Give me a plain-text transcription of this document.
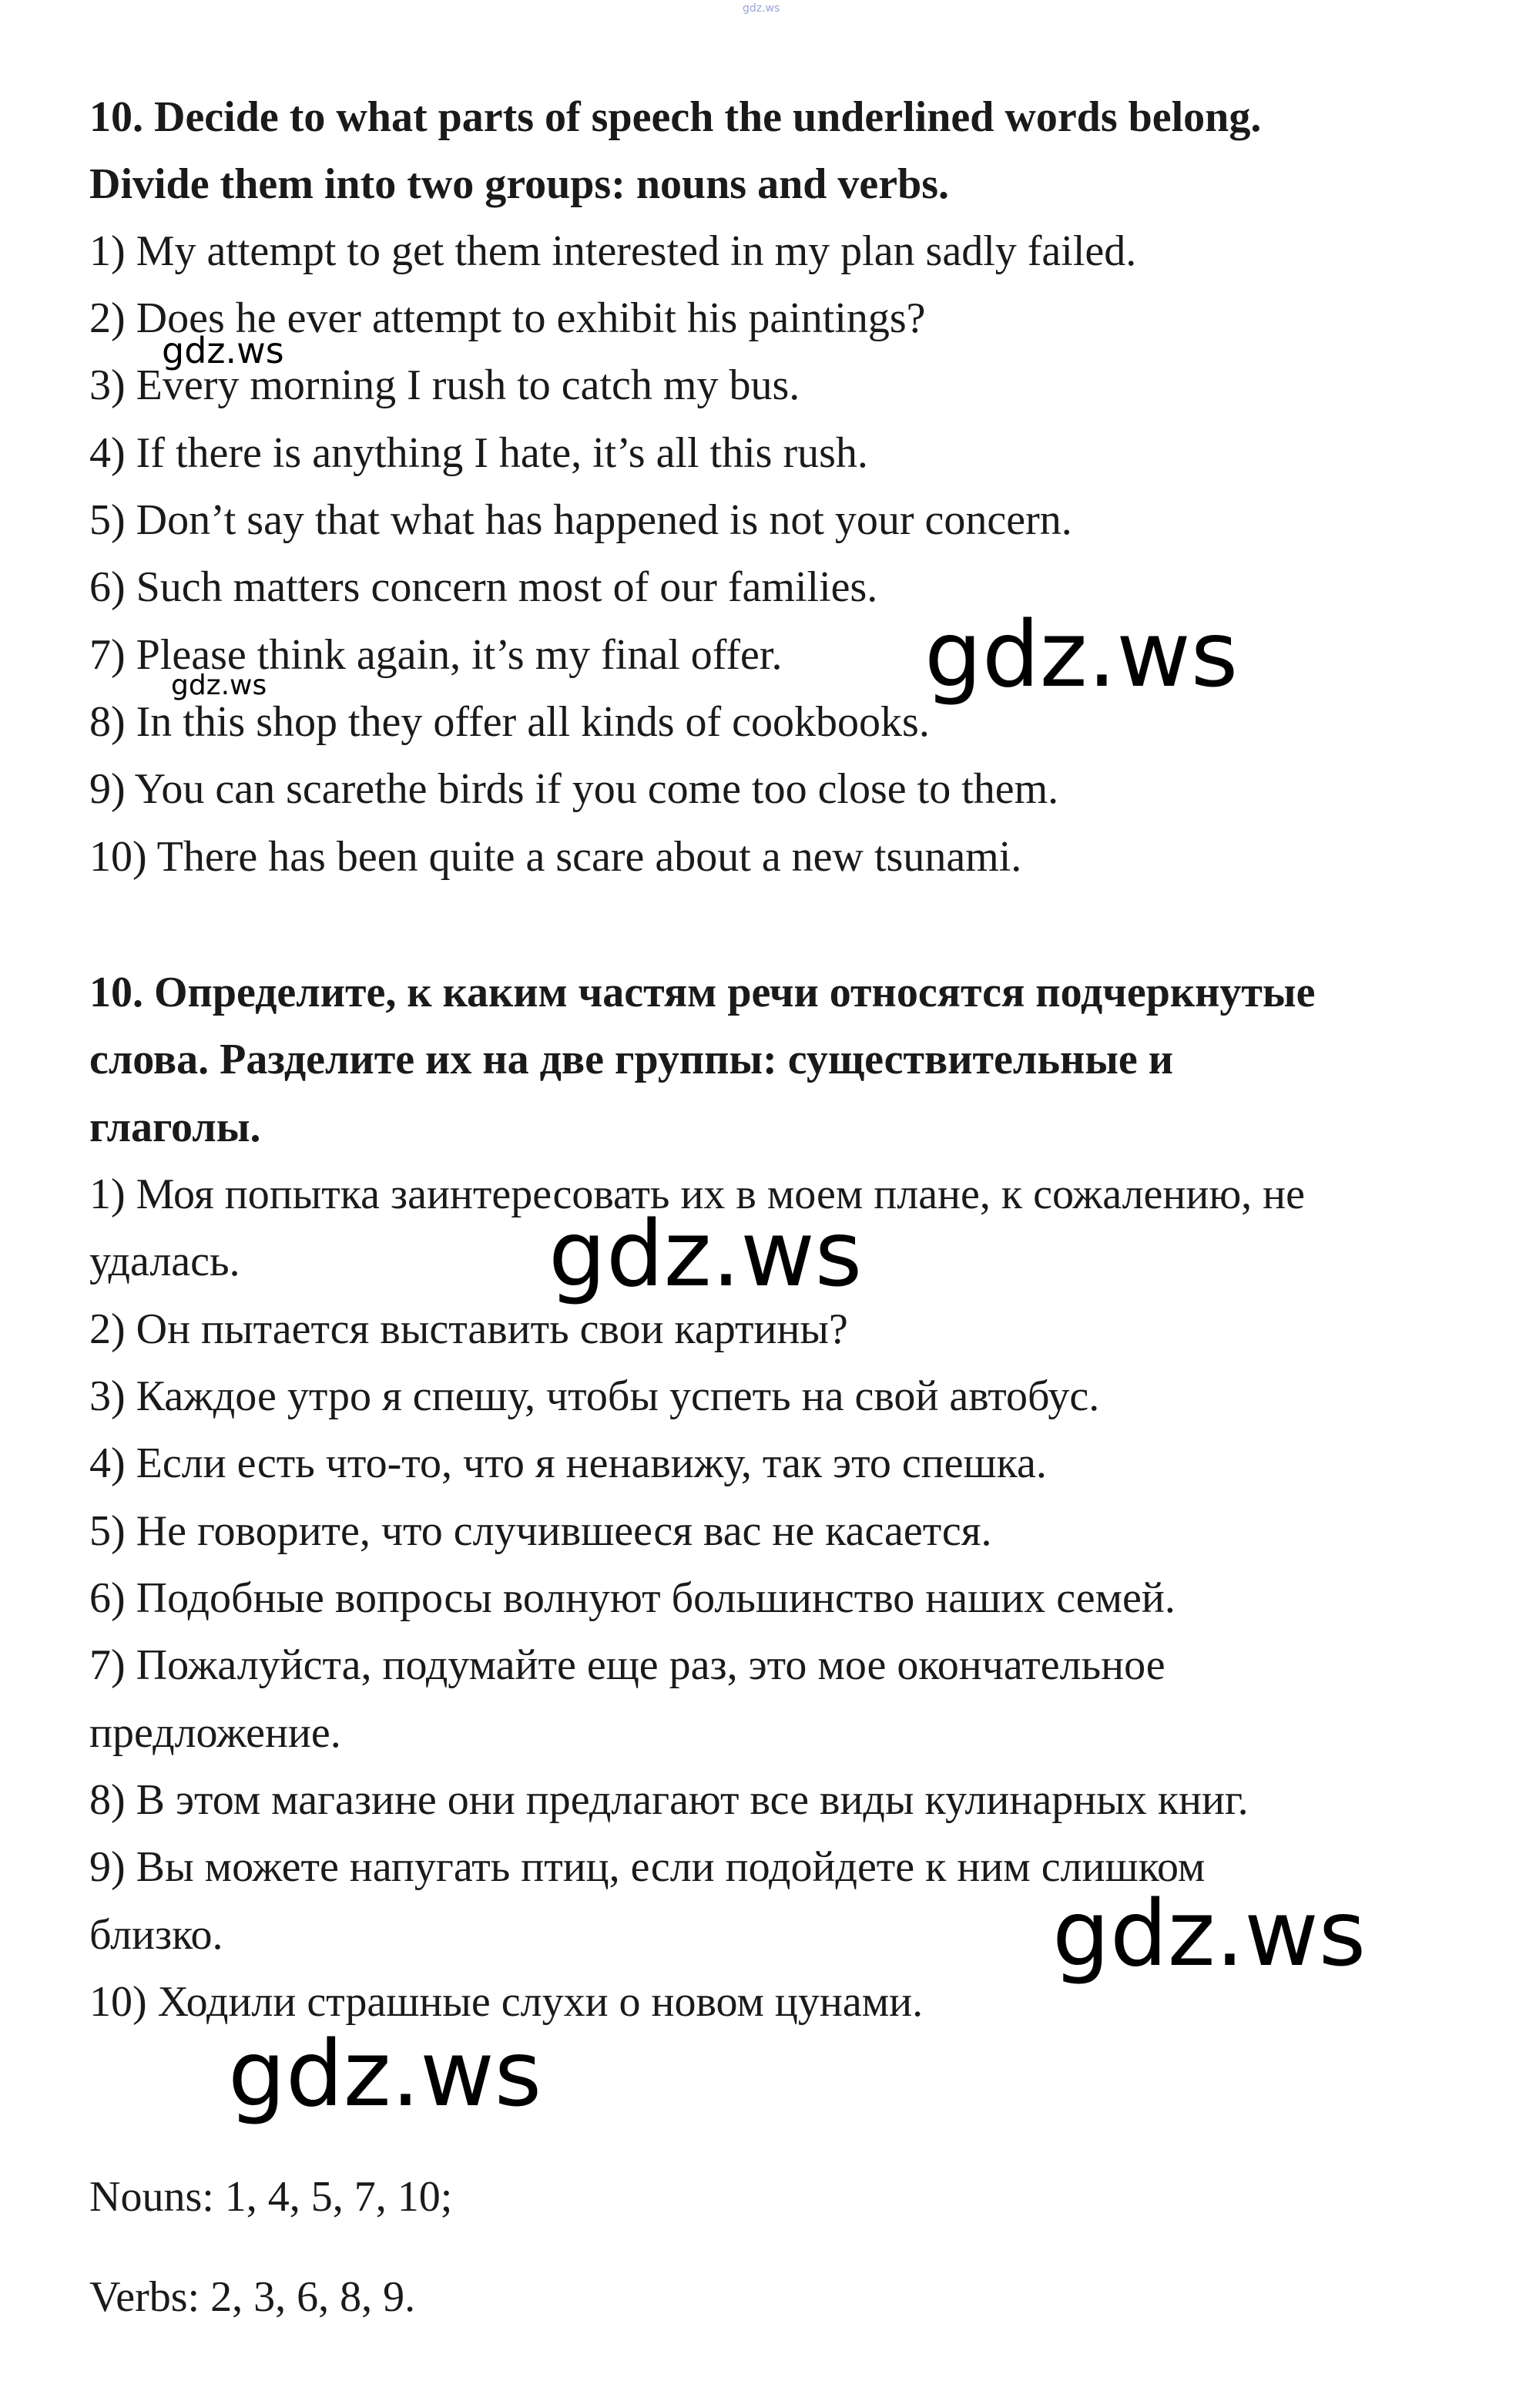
gdz.ws
gdz.ws
gdz.ws	gdz.ws
gdz.ws
gdz.ws
gdz.ws
10. Decide to what parts of speech the underlined words belong.
Divide them into two groups: nouns and verbs.
1) My attempt to get them interested in my plan sadly failed.
2) Does he ever attempt to exhibit his paintings?
3) Every morning I rush to catch my bus.
4) If there is anything I hate, it’s all this rush.
5) Don’t say that what has happened is not your concern.
6) Such matters concern most of our families.
7) Please think again, it’s my final offer.
8) In this shop they offer all kinds of cookbooks.
9) You can scarethe birds if you come too close to them.
10) There has been quite a scare about a new tsunami.
10. Определите, к каким частям речи относятся подчеркнутые
слова. Разделите их на две группы: существительные и
глаголы.
1) Моя попытка заинтересовать их в моем плане, к сожалению, не
удалась.
2) Он пытается выставить свои картины?
3) Каждое утро я спешу, чтобы успеть на свой автобус.
4) Если есть что-то, что я ненавижу, так это спешка.
5) Не говорите, что случившееся вас не касается.
6) Подобные вопросы волнуют большинство наших семей.
7) Пожалуйста, подумайте еще раз, это мое окончательное
предложение.
8) В этом магазине они предлагают все виды кулинарных книг.
9) Вы можете напугать птиц, если подойдете к ним слишком
близко.
10) Ходили страшные слухи о новом цунами.
Nouns: 1, 4, 5, 7, 10;
Verbs: 2, 3, 6, 8, 9.
